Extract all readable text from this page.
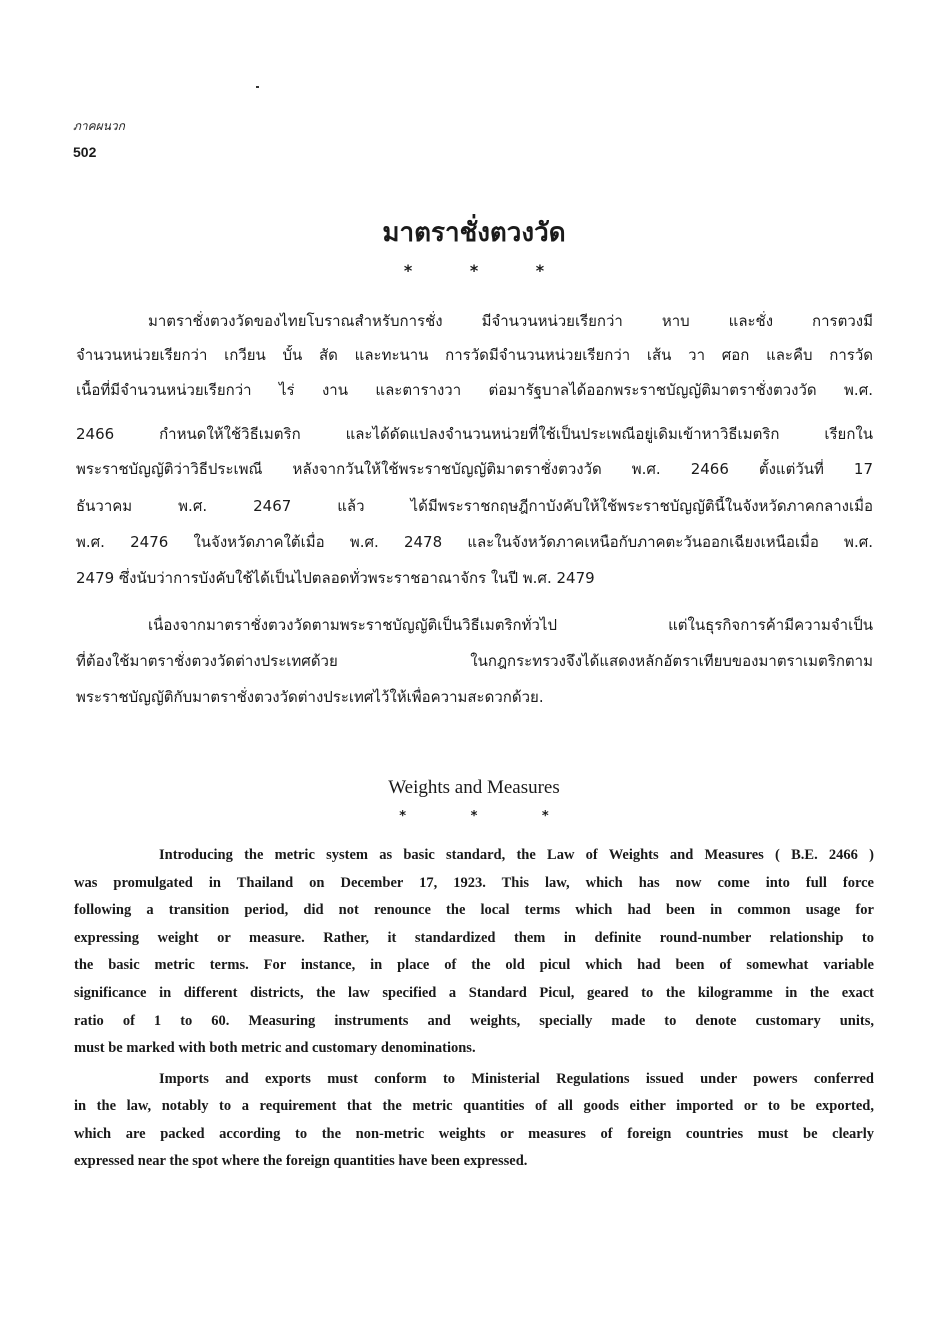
ภาคผนวก
502
มาตราชั่งตวงวัด
* * *
มาตราชั่งตวงวัดของไทยโบราณสำหรับการชั่ง มีจำนวนหน่วยเรียกว่า หาบ และชั่ง การตวงมี
จำนวนหน่วยเรียกว่า เกวียน บั้น สัด และทะนาน การวัดมีจำนวนหน่วยเรียกว่า เส้น วา ศอก และคืบ การวัด
เนื้อที่มีจำนวนหน่วยเรียกว่า ไร่ งาน และตารางวา ต่อมารัฐบาลได้ออกพระราชบัญญัติมาตราชั่งตวงวัด พ.ศ.
2466 กำหนดให้ใช้วิธีเมตริก และได้ดัดแปลงจำนวนหน่วยที่ใช้เป็นประเพณีอยู่เดิมเข้าหาวิธีเมตริก เรียกใน
พระราชบัญญัติว่าวิธีประเพณี หลังจากวันให้ใช้พระราชบัญญัติมาตราชั่งตวงวัด พ.ศ. 2466 ตั้งแต่วันที่ 17
ธันวาคม พ.ศ. 2467 แล้ว ได้มีพระราชกฤษฎีกาบังคับให้ใช้พระราชบัญญัตินี้ในจังหวัดภาคกลางเมื่อ
พ.ศ. 2476 ในจังหวัดภาคใต้เมื่อ พ.ศ. 2478 และในจังหวัดภาคเหนือกับภาคตะวันออกเฉียงเหนือเมื่อ พ.ศ.
2479 ซึ่งนับว่าการบังคับใช้ได้เป็นไปตลอดทั่วพระราชอาณาจักร ในปี พ.ศ. 2479
เนื่องจากมาตราชั่งตวงวัดตามพระราชบัญญัติเป็นวิธีเมตริกทั่วไป แต่ในธุรกิจการค้ามีความจำเป็น
ที่ต้องใช้มาตราชั่งตวงวัดต่างประเทศด้วย ในกฎกระทรวงจึงได้แสดงหลักอัตราเทียบของมาตราเมตริกตาม
พระราชบัญญัติกับมาตราชั่งตวงวัดต่างประเทศไว้ให้เพื่อความสะดวกด้วย.
Weights and Measures
* * *
Introducing the metric system as basic standard, the Law of Weights and Measures ( B.E. 2466 )
was promulgated in Thailand on December 17, 1923. This law, which has now come into full force
following a transition period, did not renounce the local terms which had been in common usage for
expressing weight or measure. Rather, it standardized them in definite round-number relationship to
the basic metric terms. For instance, in place of the old picul which had been of somewhat variable
significance in different districts, the law specified a Standard Picul, geared to the kilogramme in the exact
ratio of 1 to 60. Measuring instruments and weights, specially made to denote customary units,
must be marked with both metric and customary denominations.
Imports and exports must conform to Ministerial Regulations issued under powers conferred
in the law, notably to a requirement that the metric quantities of all goods either imported or to be exported,
which are packed according to the non-metric weights or measures of foreign countries must be clearly
expressed near the spot where the foreign quantities have been expressed.
